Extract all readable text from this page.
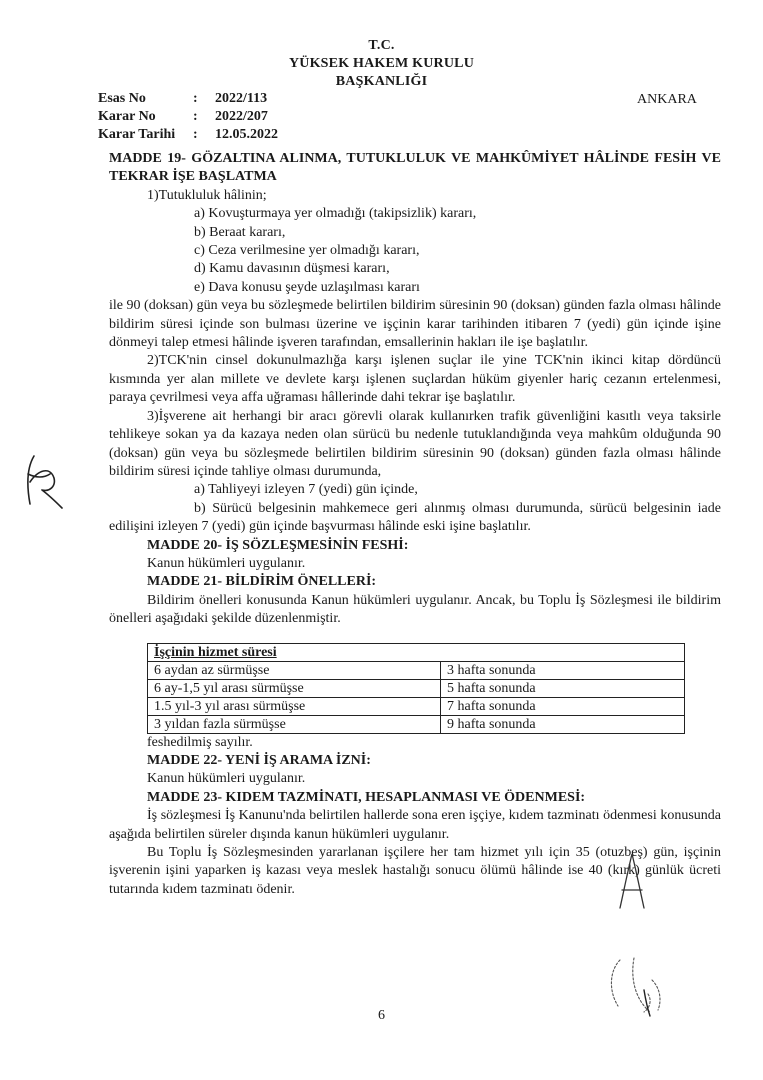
T.C.
YÜKSEK HAKEM KURULU
BAŞKANLIĞI
Esas No	:	2022/113
Karar No	:	2022/207
Karar Tarihi	:	12.05.2022
ANKARA

MADDE 19- GÖZALTINA ALINMA, TUTUKLULUK VE MAHKÛMİYET HÂLİNDE FESİH VE TEKRAR İŞE BAŞLATMA

1)Tutukluluk hâlinin;

a) Kovuşturmaya yer olmadığı (takipsizlik) kararı,

b) Beraat kararı,

c) Ceza verilmesine yer olmadığı kararı,

d) Kamu davasının düşmesi kararı,

e) Dava konusu şeyde uzlaşılması kararı

ile 90 (doksan) gün veya bu sözleşmede belirtilen bildirim süresinin 90 (doksan) günden fazla olması hâlinde bildirim süresi içinde son bulması üzerine ve işçinin karar tarihinden itibaren 7 (yedi) gün içinde işine dönmeyi talep etmesi hâlinde işveren tarafından, emsallerinin hakları ile işe başlatılır.

2)TCK'nin cinsel dokunulmazlığa karşı işlenen suçlar ile yine TCK'nin ikinci kitap dördüncü kısmında yer alan millete ve devlete karşı işlenen suçlardan hüküm giyenler hariç cezanın ertelenmesi, paraya çevrilmesi veya affa uğraması hâllerinde dahi tekrar işe başlatılır.

3)İşverene ait herhangi bir aracı görevli olarak kullanırken trafik güvenliğini kasıtlı veya taksirle tehlikeye sokan ya da kazaya neden olan sürücü bu nedenle tutuklandığında veya mahkûm olduğunda 90 (doksan) gün veya bu sözleşmede belirtilen bildirim süresinin 90 (doksan) günden fazla olması hâlinde bildirim süresi içinde tahliye olması durumunda,

a) Tahliyeyi izleyen 7 (yedi) gün içinde,

b) Sürücü belgesinin mahkemece geri alınmış olması durumunda, sürücü belgesinin iade edilişini izleyen 7 (yedi) gün içinde başvurması hâlinde eski işine başlatılır.

MADDE 20- İŞ SÖZLEŞMESİNİN FESHİ:

Kanun hükümleri uygulanır.

MADDE 21- BİLDİRİM ÖNELLERİ:

Bildirim önelleri konusunda Kanun hükümleri uygulanır. Ancak, bu Toplu İş Sözleşmesi ile bildirim önelleri aşağıdaki şekilde düzenlenmiştir.

İşçinin hizmet süresi	
6 aydan az sürmüşse	3 hafta sonunda
6 ay-1,5 yıl arası sürmüşse	5 hafta sonunda
1.5 yıl-3 yıl arası sürmüşse	7 hafta sonunda
3 yıldan fazla sürmüşse	9 hafta sonunda

feshedilmiş sayılır.

MADDE 22- YENİ İŞ ARAMA İZNİ:

Kanun hükümleri uygulanır.

MADDE 23- KIDEM TAZMİNATI, HESAPLANMASI VE ÖDENMESİ:

İş sözleşmesi İş Kanunu'nda belirtilen hallerde sona eren işçiye, kıdem tazminatı ödenmesi konusunda aşağıda belirtilen süreler dışında kanun hükümleri uygulanır.

Bu Toplu İş Sözleşmesinden yararlanan işçilere her tam hizmet yılı için 35 (otuzbeş) gün, işçinin işverenin işini yaparken iş kazası veya meslek hastalığı sonucu ölümü hâlinde ise 40 (kırk) günlük ücreti tutarında kıdem tazminatı ödenir.

6
